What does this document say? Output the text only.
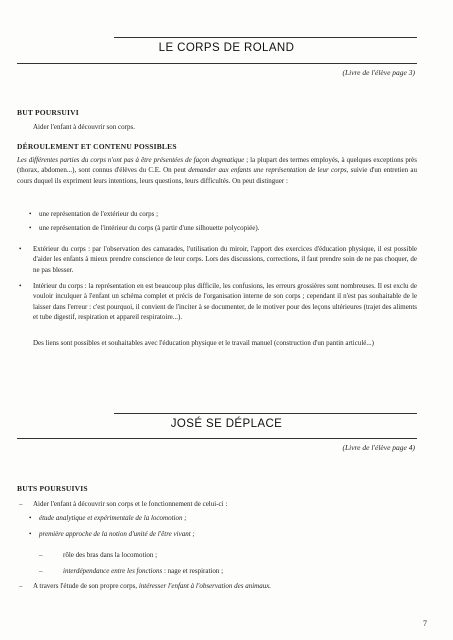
LE CORPS DE ROLAND
(Livre de l'élève page 3)
BUT POURSUIVI
Aider l'enfant à découvrir son corps.
DÉROULEMENT ET CONTENU POSSIBLES
Les différentes parties du corps n'ont pas à être présentées de façon dogmatique ; la plupart des termes employés, à quelques exceptions près (thorax, abdomen...), sont connus d'élèves du C.E. On peut demander aux enfants une représentation de leur corps, suivie d'un entretien au cours duquel ils expriment leurs intentions, leurs questions, leurs difficultés. On peut distinguer :
• une représentation de l'extérieur du corps ;
• une représentation de l'intérieur du corps (à partir d'une silhouette polycopiée).
• Extérieur du corps : par l'observation des camarades, l'utilisation du miroir, l'apport des exercices d'éducation physique, il est possible d'aider les enfants à mieux prendre conscience de leur corps. Lors des discussions, corrections, il faut prendre soin de ne pas choquer, de ne pas blesser.
• Intérieur du corps : la représentation en est beaucoup plus difficile, les confusions, les erreurs grossières sont nombreuses. Il est exclu de vouloir inculquer à l'enfant un schéma complet et précis de l'organisation interne de son corps ; cependant il n'est pas souhaitable de le laisser dans l'erreur : c'est pourquoi, il convient de l'inciter à se documenter, de le motiver pour des leçons ultérieures (trajet des aliments et tube digestif, respiration et appareil respiratoire...).
Des liens sont possibles et souhaitables avec l'éducation physique et le travail manuel (construction d'un pantin articulé...)
JOSÉ SE DÉPLACE
(Livre de l'élève page 4)
BUTS POURSUIVIS
– Aider l'enfant à découvrir son corps et le fonctionnement de celui-ci :
• étude analytique et expérimentale de la locomotion ;
• première approche de la notion d'unité de l'être vivant ;
–	rôle des bras dans la locomotion ;
–	interdépendance entre les fonctions : nage et respiration ;
– A travers l'étude de son propre corps, intéresser l'enfant à l'observation des animaux.
7
